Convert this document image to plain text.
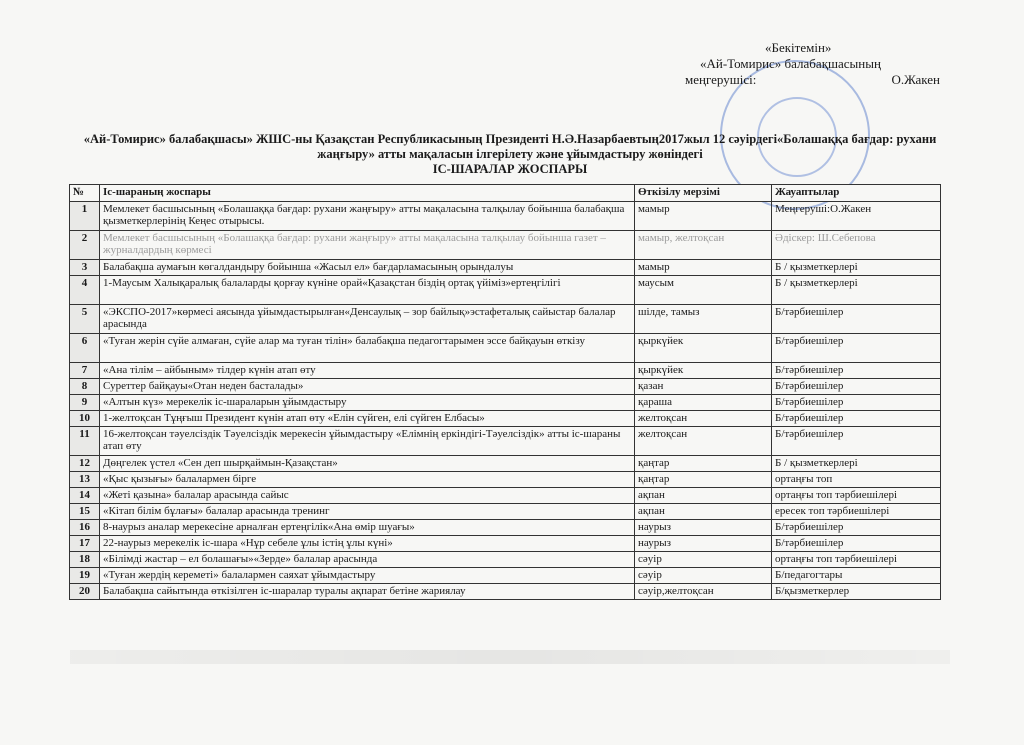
«Бекітемін»
«Ай-Томирис» балабақшасының
меңгерушісі:	О.Жакен
«Ай-Томирис» балабақшасы» ЖШС-ны Қазақстан Республикасының Президенті Н.Ә.Назарбаевтың2017жыл 12 сәуірдегі«Болашаққа бағдар: рухани
жаңғыру» атты мақаласын ілгерілету және ұйымдастыру жөніндегі
ІС-ШАРАЛАР ЖОСПАРЫ
№	Іс-шараның жоспары	Өткізілу мерзімі	Жауаптылар
1	Мемлекет басшысының «Болашаққа бағдар: рухани жаңғыру» атты мақаласына талқылау бойынша балабақша қызметкерлерінің Кеңес отырысы.	мамыр	Меңгеруші:О.Жакен
2	Мемлекет басшысының «Болашаққа бағдар: рухани жаңғыру» атты мақаласына талқылау бойынша газет – журналдардың көрмесі	мамыр, желтоқсан	Әдіскер: Ш.Себепова
3	Балабақша аумағын көгалдандыру бойынша «Жасыл ел» бағдарламасының орындалуы	мамыр	Б / қызметкерлері
4	1-Маусым Халықаралық балаларды қорғау күніне орай«Қазақстан біздің ортақ үйіміз»ертеңгілігі	маусым	Б / қызметкерлері
5	«ЭКСПО-2017»көрмесі аясында ұйымдастырылған«Денсаулық – зор байлық»эстафеталық сайыстар балалар арасында	шілде, тамыз	Б/тәрбиешілер
6	«Туған жерін сүйе алмаған, сүйе алар ма туған тілін» балабақша педагогтарымен эссе байқауын өткізу	қыркүйек	Б/тәрбиешілер
7	«Ана тілім – айбыным» тілдер күнін атап өту	қыркүйек	Б/тәрбиешілер
8	Суреттер байқауы«Отан неден басталады»	қазан	Б/тәрбиешілер
9	«Алтын күз» мерекелік іс-шараларын ұйымдастыру	қараша	Б/тәрбиешілер
10	1-желтоқсан Тұңғыш Президент күнін атап өту «Елін сүйген, елі сүйген Елбасы»	желтоқсан	Б/тәрбиешілер
11	16-желтоқсан тәуелсіздік Тәуелсіздік мерекесін ұйымдастыру «Елімнің еркіндігі-Тәуелсіздік» атты іс-шараны атап өту	желтоқсан	Б/тәрбиешілер
12	Дөңгелек үстел «Сен деп шырқаймын-Қазақстан»	қаңтар	Б / қызметкерлері
13	«Қыс қызығы» балалармен бірге	қаңтар	ортаңғы топ
14	«Жеті қазына» балалар арасында сайыс	ақпан	ортаңғы топ тәрбиешілері
15	«Кітап білім бұлағы» балалар арасында тренинг	ақпан	ересек топ тәрбиешілері
16	8-наурыз аналар мерекесіне арналған ертеңгілік«Ана өмір шуағы»	наурыз	Б/тәрбиешілер
17	22-наурыз мерекелік іс-шара «Нұр себеле ұлы істің ұлы күні»	наурыз	Б/тәрбиешілер
18	«Білімді жастар – ел болашағы»«Зерде» балалар арасында	сәуір	ортаңғы топ тәрбиешілері
19	«Туған жердің кереметі» балалармен саяхат ұйымдастыру	сәуір	Б/педагогтары
20	Балабақша сайытында өткізілген іс-шаралар туралы ақпарат бетіне жариялау	сәуір,желтоқсан	Б/қызметкерлер
